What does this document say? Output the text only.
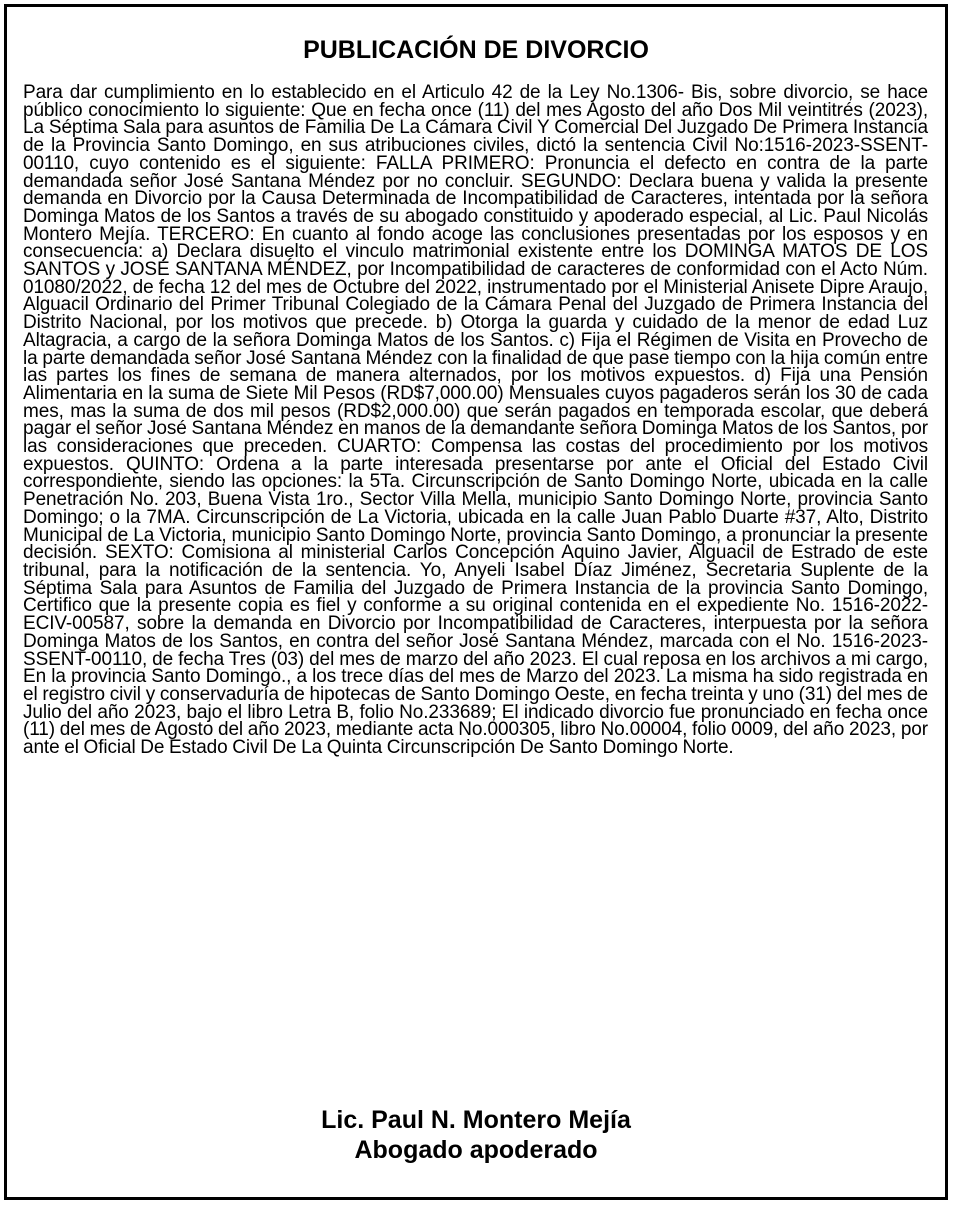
PUBLICACIÓN DE DIVORCIO

Para dar cumplimiento en lo establecido en el Articulo 42 de la Ley No.1306- Bis, sobre divorcio, se hace público conocimiento lo siguiente: Que en fecha once (11) del mes Agosto del año Dos Mil veintitrés (2023), La Séptima Sala para asuntos de Familia De La Cámara Civil Y Comercial Del Juzgado De Primera Instancia de la Provincia Santo Domingo, en sus atribuciones civiles, dictó la sentencia Civil No:1516-2023-SSENT-00110, cuyo contenido es el siguiente: FALLA PRIMERO: Pronuncia el defecto en contra de la parte demandada señor José Santana Méndez por no concluir. SEGUNDO: Declara buena y valida la presente demanda en Divorcio por la Causa Determinada de Incompatibilidad de Caracteres, intentada por la señora Dominga Matos de los Santos a través de su abogado constituido y apoderado especial, al Lic. Paul Nicolás Montero Mejía. TERCERO: En cuanto al fondo acoge las conclusiones presentadas por los esposos y en consecuencia: a) Declara disuelto el vinculo matrimonial existente entre los DOMINGA MATOS DE LOS SANTOS y JOSÉ SANTANA MÉNDEZ, por Incompatibilidad de caracteres de conformidad con el Acto Núm. 01080/2022, de fecha 12 del mes de Octubre del 2022, instrumentado por el Ministerial Anisete Dipre Araujo, Alguacil Ordinario del Primer Tribunal Colegiado de la Cámara Penal del Juzgado de Primera Instancia del Distrito Nacional, por los motivos que precede. b) Otorga la guarda y cuidado de la menor de edad Luz Altagracia, a cargo de la señora Dominga Matos de los Santos. c) Fija el Régimen de Visita en Provecho de la parte demandada señor José Santana Méndez con la finalidad de que pase tiempo con la hija común entre las partes los fines de semana de manera alternados, por los motivos expuestos. d) Fija una Pensión Alimentaria en la suma de Siete Mil Pesos (RD$7,000.00) Mensuales cuyos pagaderos serán los 30 de cada mes, mas la suma de dos mil pesos (RD$2,000.00) que serán pagados en temporada escolar, que deberá pagar el señor José Santana Méndez en manos de la demandante señora Dominga Matos de los Santos, por las consideraciones que preceden. CUARTO: Compensa las costas del procedimiento por los motivos expuestos. QUINTO: Ordena a la parte interesada presentarse por ante el Oficial del Estado Civil correspondiente, siendo las opciones: la 5Ta. Circunscripción de Santo Domingo Norte, ubicada en la calle Penetración No. 203, Buena Vista 1ro., Sector Villa Mella, municipio Santo Domingo Norte, provincia Santo Domingo; o la 7MA. Circunscripción de La Victoria, ubicada en la calle Juan Pablo Duarte #37, Alto, Distrito Municipal de La Victoria, municipio Santo Domingo Norte, provincia Santo Domingo, a pronunciar la presente decisión. SEXTO: Comisiona al ministerial Carlos Concepción Aquino Javier, Alguacil de Estrado de este tribunal, para la notificación de la sentencia. Yo, Anyeli Isabel Díaz Jiménez, Secretaria Suplente de la Séptima Sala para Asuntos de Familia del Juzgado de Primera Instancia de la provincia Santo Domingo, Certifico que la presente copia es fiel y conforme a su original contenida en el expediente No. 1516-2022-ECIV-00587, sobre la demanda en Divorcio por Incompatibilidad de Caracteres, interpuesta por la señora Dominga Matos de los Santos, en contra del señor José Santana Méndez, marcada con el No. 1516-2023-SSENT-00110, de fecha Tres (03) del mes de marzo del año 2023. El cual reposa en los archivos a mi cargo, En la provincia Santo Domingo., a los trece días del mes de Marzo del 2023. La misma ha sido registrada en el registro civil y conservaduría de hipotecas de Santo Domingo Oeste, en fecha treinta y uno (31) del mes de Julio del año 2023, bajo el libro Letra B, folio No.233689; El indicado divorcio fue pronunciado en fecha once (11) del mes de Agosto del año 2023, mediante acta No.000305, libro No.00004, folio 0009, del año 2023, por ante el Oficial De Estado Civil De La Quinta Circunscripción De Santo Domingo Norte.

Lic. Paul N. Montero Mejía
Abogado apoderado
